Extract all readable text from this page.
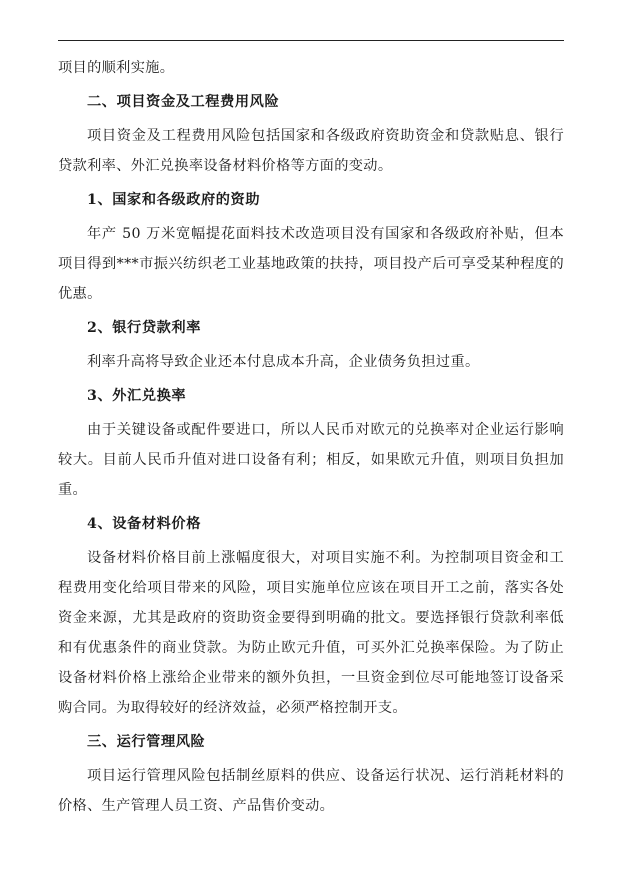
项目的顺利实施。

二、项目资金及工程费用风险

项目资金及工程费用风险包括国家和各级政府资助资金和贷款贴息、银行贷款利率、外汇兑换率设备材料价格等方面的变动。

1、国家和各级政府的资助

年产 50 万米宽幅提花面料技术改造项目没有国家和各级政府补贴，但本项目得到***市振兴纺织老工业基地政策的扶持，项目投产后可享受某种程度的优惠。

2、银行贷款利率

利率升高将导致企业还本付息成本升高，企业债务负担过重。

3、外汇兑换率

由于关键设备或配件要进口，所以人民币对欧元的兑换率对企业运行影响较大。目前人民币升值对进口设备有利；相反，如果欧元升值，则项目负担加重。

4、设备材料价格

设备材料价格目前上涨幅度很大，对项目实施不利。为控制项目资金和工程费用变化给项目带来的风险，项目实施单位应该在项目开工之前，落实各处资金来源，尤其是政府的资助资金要得到明确的批文。要选择银行贷款利率低和有优惠条件的商业贷款。为防止欧元升值，可买外汇兑换率保险。为了防止设备材料价格上涨给企业带来的额外负担，一旦资金到位尽可能地签订设备采购合同。为取得较好的经济效益，必须严格控制开支。

三、运行管理风险

项目运行管理风险包括制丝原料的供应、设备运行状况、运行消耗材料的价格、生产管理人员工资、产品售价变动。
